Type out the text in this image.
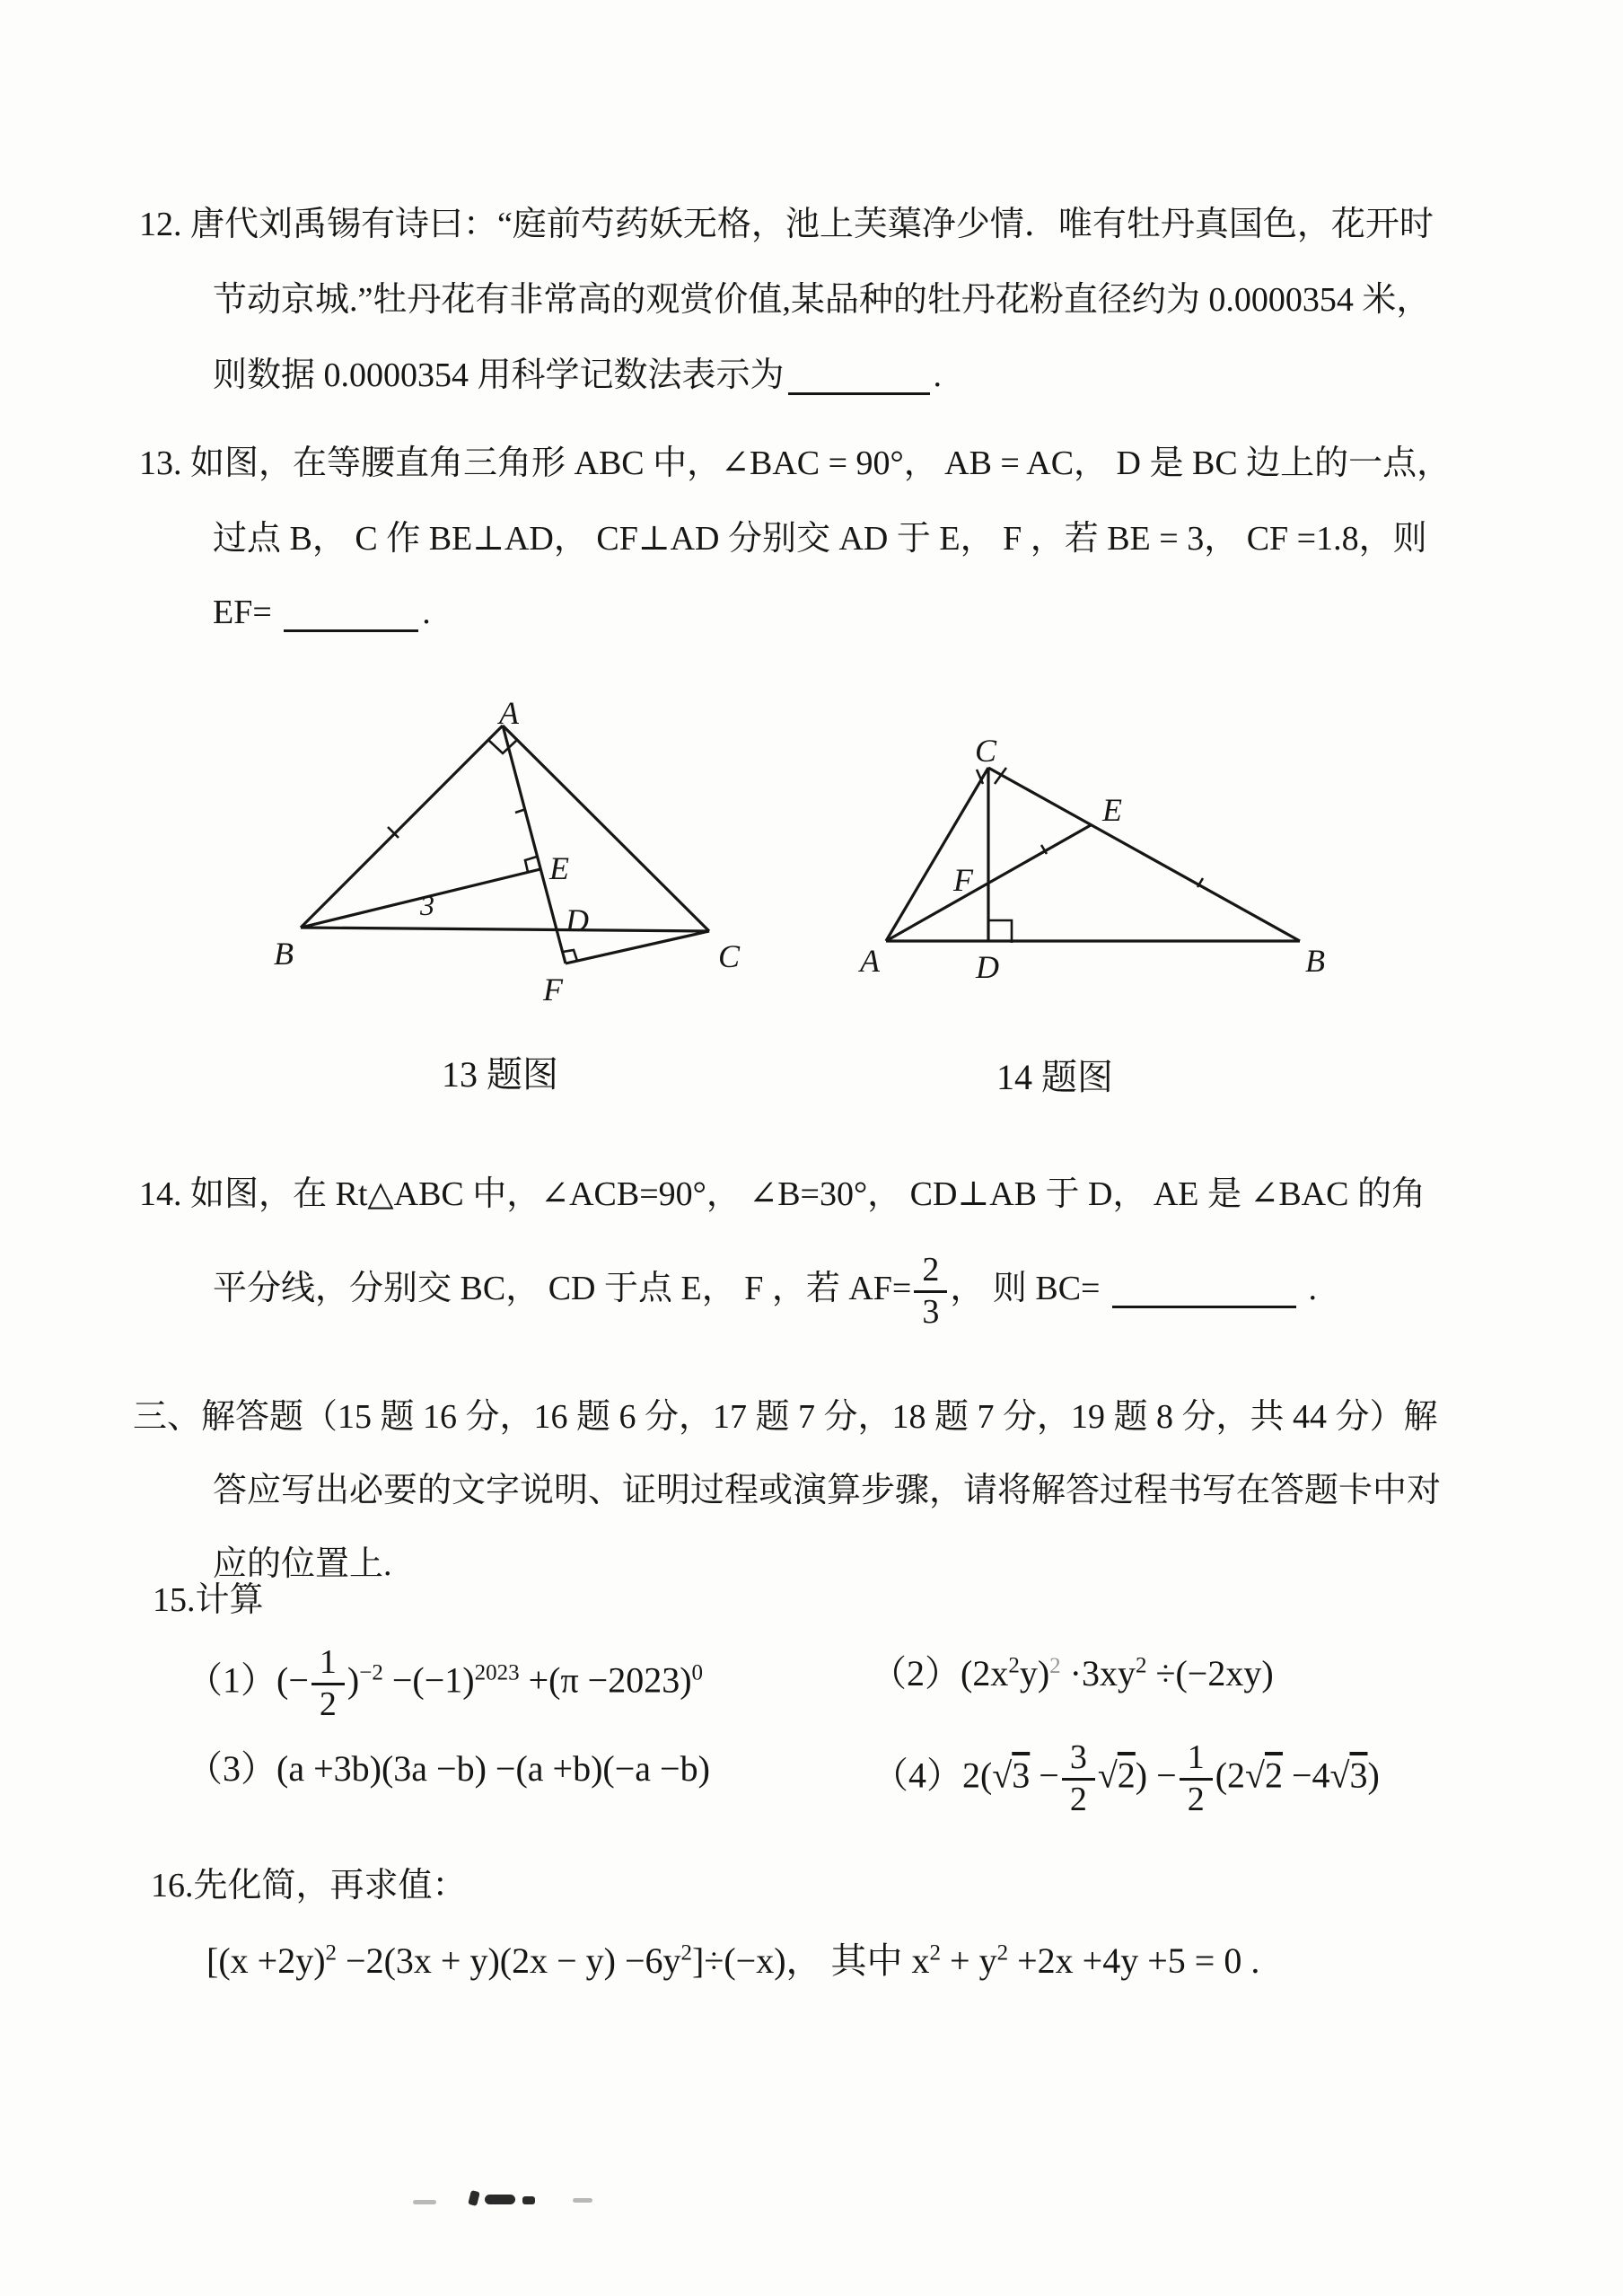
12. 唐代刘禹锡有诗曰：“庭前芍药妖无格，池上芙蕖净少情．唯有牡丹真国色，花开时
节动京城.”牡丹花有非常高的观赏价值,某品种的牡丹花粉直径约为 0.0000354 米，
则数据 0.0000354 用科学记数法表示为	.
13. 如图，在等腰直角三角形 ABC 中，∠BAC = 90°， AB = AC， D 是 BC 边上的一点，
过点 B， C 作 BE⊥AD， CF⊥AD 分别交 AD 于 E， F ，若 BE = 3， CF =1.8，则
EF=	.
A
B	C
D
E
F
3
C
E
F
A	D	B
13 题图	14 题图
14. 如图，在 Rt△ABC 中，∠ACB=90°， ∠B=30°， CD⊥AB 于 D， AE 是 ∠BAC 的角
平分线，分别交 BC， CD 于点 E， F ，若 $AF= \frac{2}{3}$ ， 则 BC=	.
三、解答题（15 题 16 分，16 题 6 分，17 题 7 分，18 题 7 分，19 题 8 分，共 44 分）解
答应写出必要的文字说明、证明过程或演算步骤，请将解答过程书写在答题卡中对
应的位置上.
15.计算
$(1)(- \frac{1}{2} )^{-2} -(-1)^{2023} +(\pi -2023)^0$	$(2)(2x^2y)^2 \cdot 3xy^2 \div(-2xy)$
（3）(a +3b)(3a −b) −(a +b)(−a −b)	$(4)2(√3 - \frac{3}{2} √2) - \frac{1}{2} (2√2 -4√3)$
16.先化简，再求值：
$[(x +2y)^2 -2(3x + y)(2x - y) -6y^2]\div(-x)$， 其中 $x^2 + y^2 +2x +4y +5 = 0$ .
